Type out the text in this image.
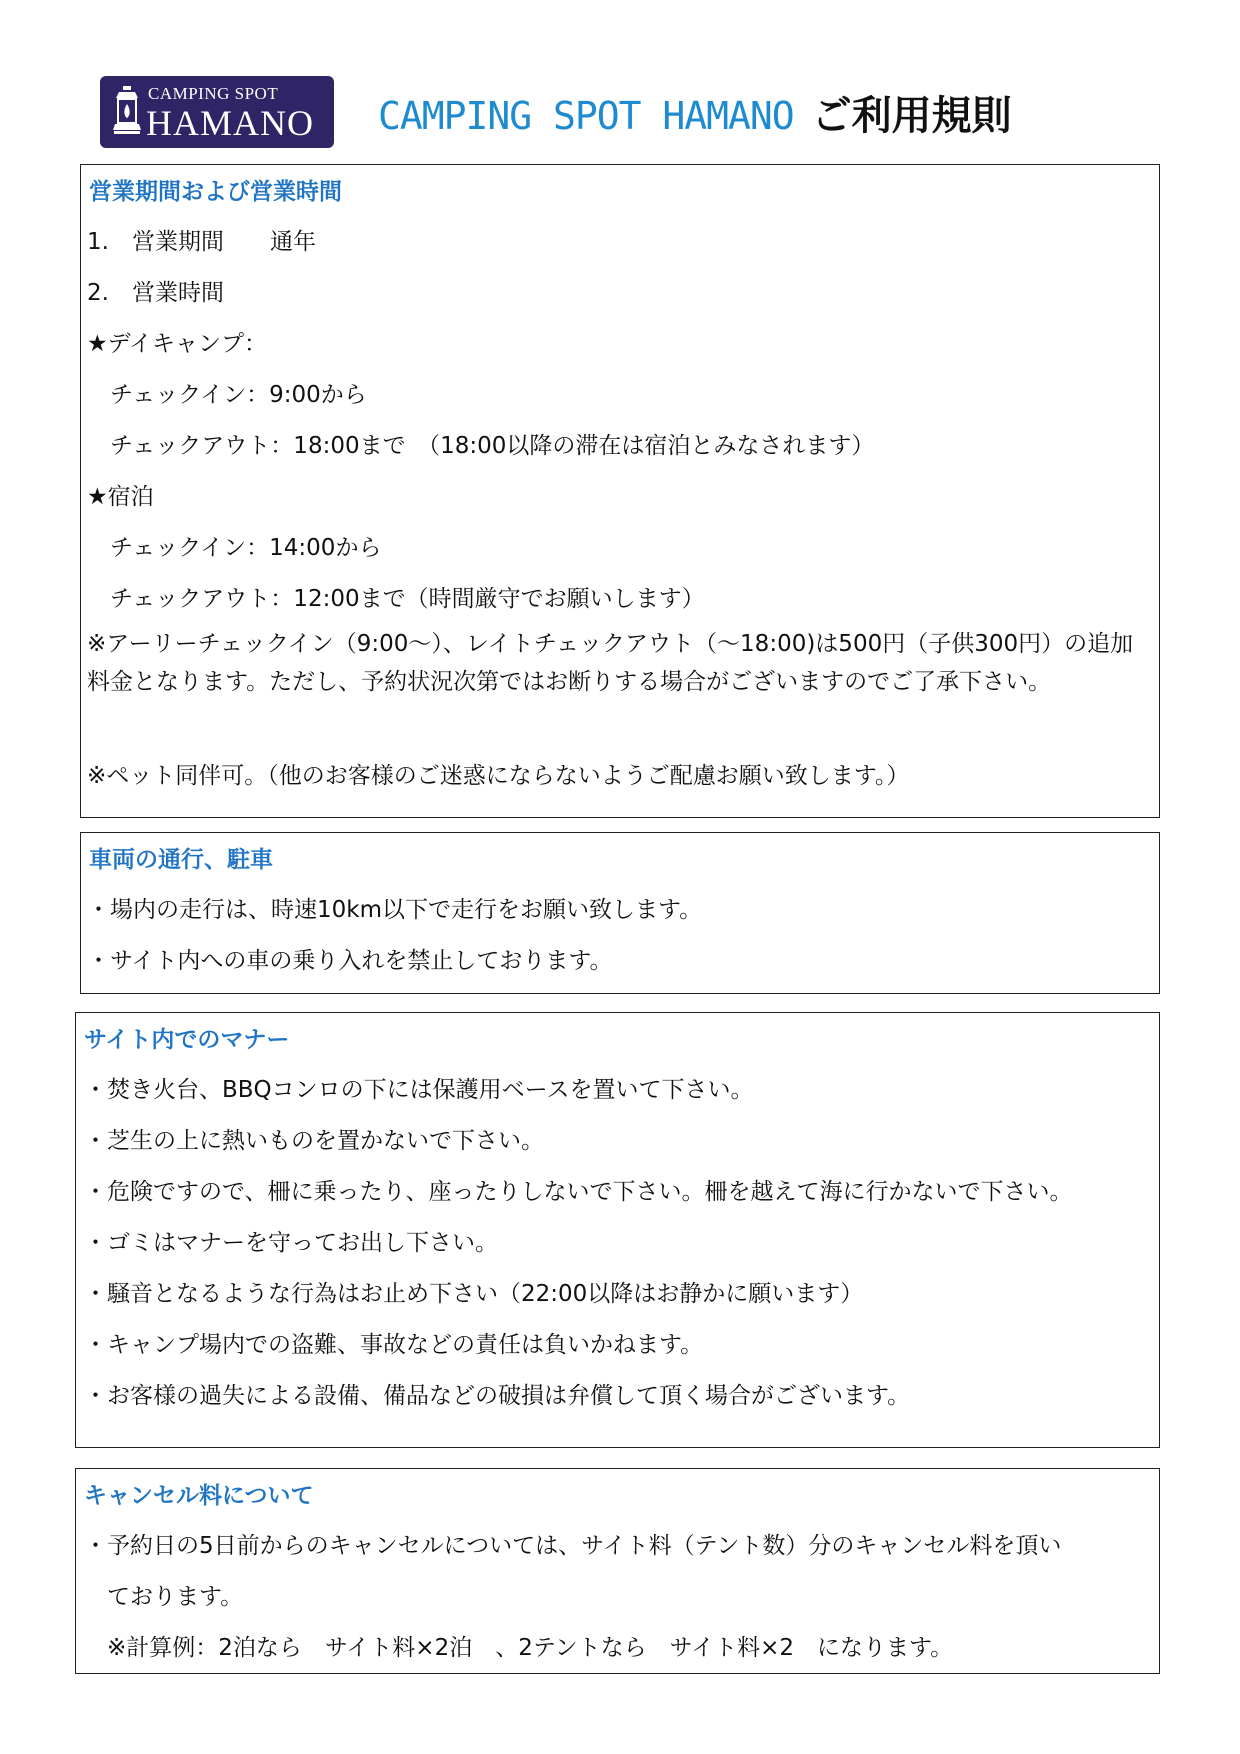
CAMPING SPOT
HAMANO CAMPING SPOT HAMANO ご利用規則
営業期間および営業時間
1.　営業期間　　通年
2.　営業時間
★デイキャンプ：
　チェックイン：9:00から
　チェックアウト：18:00まで　（18:00以降の滞在は宿泊とみなされます）
★宿泊
　チェックイン：14:00から
　チェックアウト：12:00まで（時間厳守でお願いします）
※アーリーチェックイン（9:00～）、レイトチェックアウト（～18:00)は500円（子供300円）の追加料金となります。ただし、予約状況次第ではお断りする場合がございますのでご了承下さい。
※ペット同伴可。（他のお客様のご迷惑にならないようご配慮お願い致します。）
車両の通行、駐車
・場内の走行は、時速10km以下で走行をお願い致します。
・サイト内への車の乗り入れを禁止しております。
サイト内でのマナー
・焚き火台、BBQコンロの下には保護用ベースを置いて下さい。
・芝生の上に熱いものを置かないで下さい。
・危険ですので、柵に乗ったり、座ったりしないで下さい。柵を越えて海に行かないで下さい。
・ゴミはマナーを守ってお出し下さい。
・騒音となるような行為はお止め下さい（22:00以降はお静かに願います）
・キャンプ場内での盗難、事故などの責任は負いかねます。
・お客様の過失による設備、備品などの破損は弁償して頂く場合がございます。
キャンセル料について
・予約日の5日前からのキャンセルについては、サイト料（テント数）分のキャンセル料を頂い
　ております。
　※計算例：2泊なら　サイト料×2泊　、2テントなら　サイト料×2　になります。
